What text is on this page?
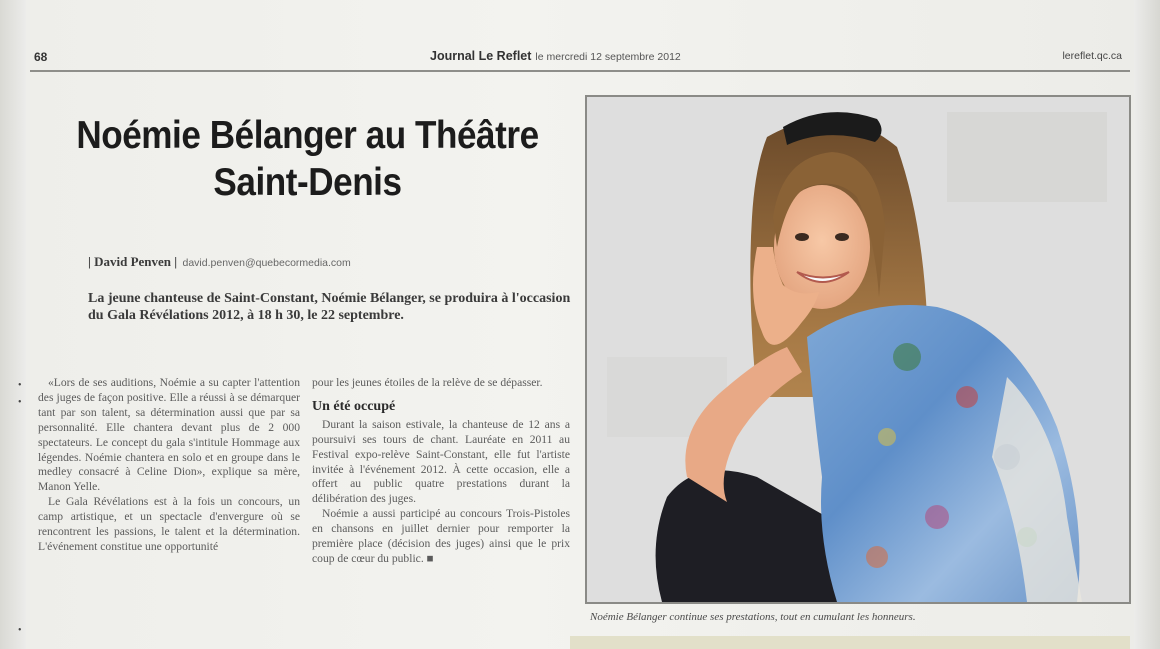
68	Journal Le Reflet le mercredi 12 septembre 2012	lereflet.qc.ca
Noémie Bélanger au Théâtre Saint-Denis
| David Penven | david.penven@quebecormedia.com
La jeune chanteuse de Saint-Constant, Noémie Bélanger, se produira à l'occasion du Gala Révélations 2012, à 18 h 30, le 22 septembre.
•
•
•

«Lors de ses auditions, Noémie a su capter l'attention des juges de façon positive. Elle a réussi à se démarquer tant par son talent, sa détermination aussi que par sa personnalité. Elle chantera devant plus de 2 000 spectateurs. Le concept du gala s'intitule Hommage aux légendes. Noémie chantera en solo et en groupe dans le medley consacré à Celine Dion», explique sa mère, Manon Yelle.

Le Gala Révélations est à la fois un concours, un camp artistique, et un spectacle d'envergure où se rencontrent les passions, le talent et la détermination. L'événement constitue une opportunité

pour les jeunes étoiles de la relève de se dépasser.

Un été occupé

Durant la saison estivale, la chanteuse de 12 ans a poursuivi ses tours de chant. Lauréate en 2011 au Festival expo-relève Saint-Constant, elle fut l'artiste invitée à l'événement 2012. À cette occasion, elle a offert au public quatre prestations durant la délibération des juges.

Noémie a aussi participé au concours Trois-Pistoles en chansons en juillet dernier pour remporter la première place (décision des juges) ainsi que le prix coup de cœur du public. ■

Noémie Bélanger continue ses prestations, tout en cumulant les honneurs.
